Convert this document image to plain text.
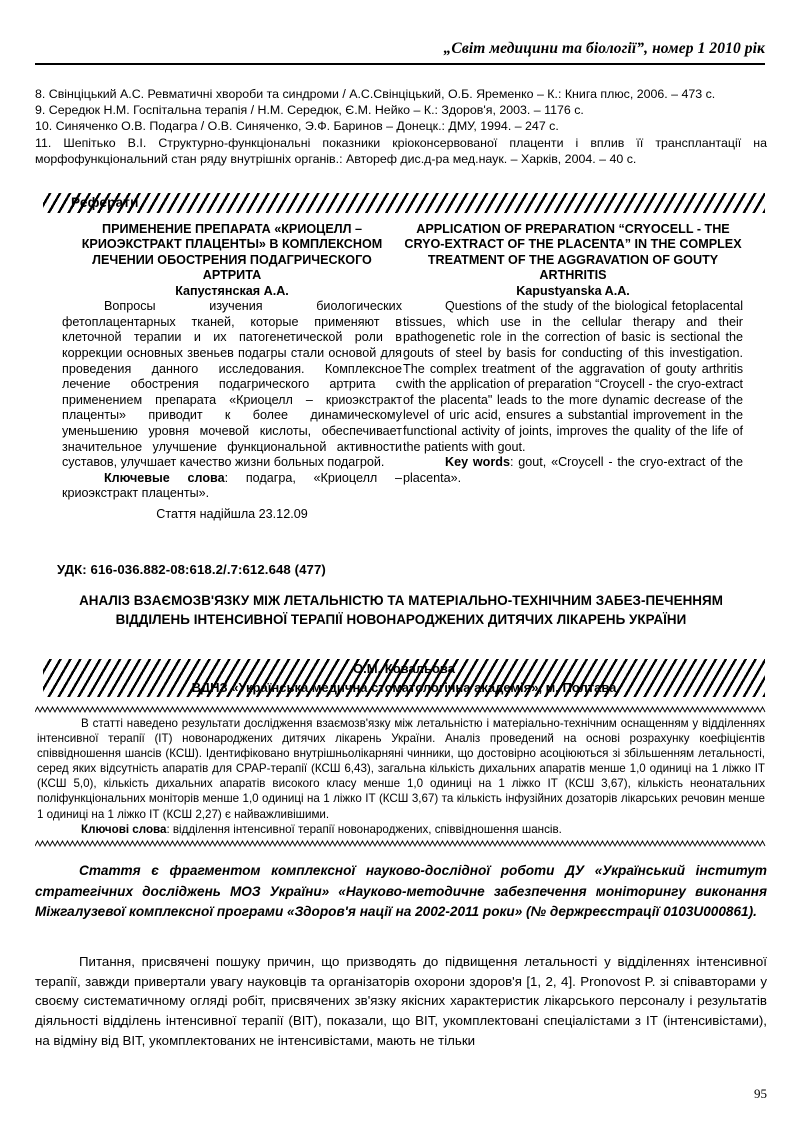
„Світ медицини та біології”, номер 1 2010 рік

8. Свінціцький А.С. Ревматичні хвороби та синдроми / А.С.Свінціцький, О.Б. Яременко – К.: Книга плюс, 2006. – 473 с.

9. Середюк Н.М. Госпітальна терапія / Н.М. Середюк, Є.М. Нейко – К.: Здоров'я, 2003. – 1176 с.

10. Синяченко О.В. Подагра / О.В. Синяченко, Э.Ф. Баринов – Донецк.: ДМУ, 1994. – 247 с.

11. Шепітько В.І. Структурно-функціональні показники кріоконсервованої плаценти і вплив її трансплантації на морфофункціональний стан ряду внутрішніх органів.: Автореф дис.д-ра мед.наук. – Харків, 2004. – 40 с.

Реферати

ПРИМЕНЕНИЕ ПРЕПАРАТА «КРИОЦЕЛЛ – КРИОЭКСТРАКТ ПЛАЦЕНТЫ» В КОМПЛЕКСНОМ ЛЕЧЕНИИ ОБОСТРЕНИЯ ПОДАГРИЧЕСКОГО АРТРИТА

Капустянская А.А.

Вопросы изучения биологических фетоплацентарных тканей, которые применяют в клеточной терапии и их патогенетической роли в коррекции основных звеньев подагры стали основой для проведения данного исследования. Комплексное лечение обострения подагрического артрита с применением препарата «Криоцелл – криоэкстракт плаценты» приводит к более динамическому уменьшению уровня мочевой кислоты, обеспечивает значительное улучшение функциональной активности суставов, улучшает качество жизни больных подагрой.

Ключевые слова: подагра, «Криоцелл – криоэкстракт плаценты».

Стаття надійшла 23.12.09

APPLICATION OF PREPARATION “CRYOCELL - THE CRYO-EXTRACT OF THE PLACENTA” IN THE COMPLEX TREATMENT OF THE AGGRAVATION OF GOUTY ARTHRITIS

Kapustyanska A.A.

Questions of the study of the biological fetoplacental tissues, which use in the cellular therapy and their pathogenetic role in the correction of basic is sectional the gouts of steel by basis for conducting of this investigation. The complex treatment of the aggravation of gouty arthritis with the application of preparation “Croycell - the cryo-extract of the placenta" leads to the more dynamic decrease of the level of uric acid, ensures a substantial improvement in the functional activity of joints, improves the quality of the life of the patients with gout.

Key words: gout, «Croycell - the cryo-extract of the placenta».

УДК: 616-036.882-08:618.2/.7:612.648 (477)
АНАЛІЗ ВЗАЄМОЗВ'ЯЗКУ МІЖ ЛЕТАЛЬНІСТЮ ТА МАТЕРІАЛЬНО-ТЕХНІЧНИМ ЗАБЕЗ-ПЕЧЕННЯМ ВІДДІЛЕНЬ ІНТЕНСИВНОЇ ТЕРАПІЇ НОВОНАРОДЖЕНИХ ДИТЯЧИХ ЛІКАРЕНЬ УКРАЇНИ
О.М. Ковальова
ВДНЗ «Українська медична стоматологічна академія», м. Полтава

В статті наведено результати дослідження взаємозв'язку між летальністю і матеріально-технічним оснащенням у відділеннях інтенсивної терапії (ІТ) новонароджених дитячих лікарень України. Аналіз проведений на основі розрахунку коефіцієнтів співвідношення шансів (КСШ). Ідентифіковано внутрішньолікарняні чинники, що достовірно асоціюються зі збільшенням летальності, серед яких відсутність апаратів для СРАР-терапії (КСШ 6,43), загальна кількість дихальних апаратів менше 1,0 одиниці на 1 ліжко ІТ (КСШ 5,0), кількість дихальних апаратів високого класу менше 1,0 одиниці на 1 ліжко ІТ (КСШ 3,67), кількість неонатальних поліфункціональних моніторів менше 1,0 одиниці на 1 ліжко ІТ (КСШ 3,67) та кількість інфузійних дозаторів лікарських речовин менше 1 одиниці на 1 ліжко ІТ (КСШ 2,27) є найважливішими.

Ключові слова: відділення інтенсивної терапії новонароджених, співвідношення шансів.

Стаття є фрагментом комплексної науково-дослідної роботи ДУ «Український інститут стратегічних досліджень МОЗ України» «Науково-методичне забезпечення моніторингу виконання Міжгалузевої комплексної програми «Здоров'я нації на 2002-2011 роки» (№ держреєстрації 0103U000861).
Питання, присвячені пошуку причин, що призводять до підвищення летальності у відділеннях інтенсивної терапії, завжди привертали увагу науковців та організаторів охорони здоров'я [1, 2, 4]. Pronovost P. зі співавторами у своєму систематичному огляді робіт, присвячених зв'язку якісних характеристик лікарського персоналу і результатів діяльності відділень інтенсивної терапії (ВІТ), показали, що ВІТ, укомплектовані спеціалістами з ІТ (інтенсивістами), на відміну від ВІТ, укомплектованих не інтенсивістами, мають не тільки
95
